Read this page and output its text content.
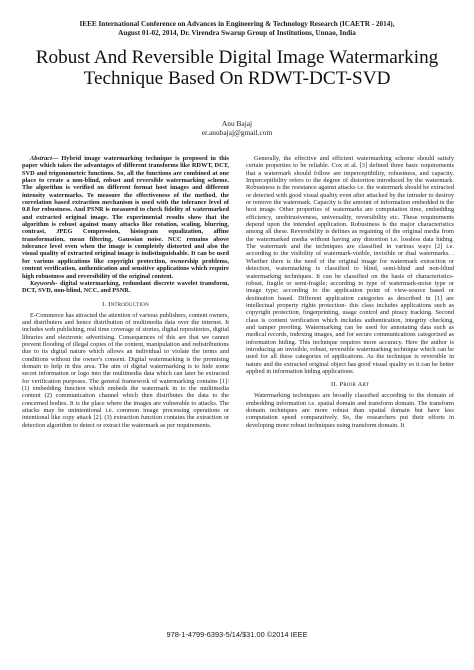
IEEE International Conference on Advances in Engineering & Technology Research (ICAETR - 2014),
August 01-02, 2014, Dr. Virendra Swarup Group of Institutions, Unnao, India
Robust And Reversible Digital Image Watermarking
Technique Based On RDWT-DCT-SVD
Anu Bajaj
er.anubajaj@gmail.com

Abstract— Hybrid image watermarking technique is proposed in this paper which takes the advantages of different transforms like RDWT, DCT, SVD and trigonometric functions. So, all the functions are combined at one place to create a non-blind, robust and reversible watermarking scheme. The algorithm is verified on different format host images and different intensity watermarks. To measure the effectiveness of the method, the correlation based extraction mechanism is used with the tolerance level of 0.8 for robustness. And PSNR is measured to check fidelity of watermarked and extracted original image. The experimental results show that the algorithm is robust against many attacks like rotation, scaling, blurring, contrast, JPEG Compression, histogram equalization, affine transformation, mean filtering, Gaussian noise. NCC remains above tolerance level even when the image is completely distorted and also the visual quality of extracted original image is indistinguishable. It can be used for various applications like copyright protection, ownership problems, content verification, authentication and sensitive applications which require high robustness and reversibility of the original content.

Keywords- digital watermarking, redundant discrete wavelet transform, DCT, SVD, non-blind, NCC, and PSNR.

I. Introduction

E-Commerce has attracted the attention of various publishers, content owners, and distributers and hence distribution of multimedia data over the internet. It includes web publishing, real time coverage of stories, digital repositories, digital libraries and electronic advertising. Consequences of this are that we cannot prevent flooding of illegal copies of the content, manipulation and redistributions due to its digital nature which allows an individual to violate the terms and conditions without the owner's consent. Digital watermarking is the promising domain to help in this area. The aim of digital watermarking is to hide some secret information or logo into the multimedia data which can later be extracted for verification purposes. The general framework of watermarking contains [1]: (1) embedding function which embeds the watermark in to the multimedia content (2) communication channel which then distributes the data to the concerned bodies. It is the place where the images are vulnerable to attacks. The attacks may be unintentional i.e. common image processing operations or intentional like copy attack [2]. (3) extraction function contains the extraction or detection algorithm to detect or extract the watermark as per requirements.

Generally, the effective and efficient watermarking scheme should satisfy certain properties to be reliable. Cox et al. [3] defined three basic requirements that a watermark should follow are imperceptibility, robustness, and capacity. Imperceptibility refers to the degree of distortion introduced by the watermark. Robustness is the resistance against attacks i.e. the watermark should be extracted or detected with good visual quality even after attacked by the intruder to destroy or remove the watermark. Capacity is the amount of information embedded in the host image. Other properties of watermarks are computation time, embedding efficiency, unobtrusiveness, universality, reversibility etc. These requirements depend upon the intended application. Robustness is the major characteristics among all these. Reversibility is defines as regaining of the original media from the watermarked media without having any distortion i.e. lossless data hiding. The watermark and the techniques are classified in various ways [2] i.e. according to the visibility of watermark-visible, invisible or dual watermarks. . Whether there is the need of the original image for watermark extraction or detection, watermarking is classified to blind, semi-blind and non-blind watermarking techniques. It can be classified on the basis of characteristics-robust, fragile or semi-fragile; according to type of watermark-noise type or image type; according to the application point of view-source based or destination based. Different application categories as described in [1] are intellectual property rights protection- this class includes applications such as copyright protection, fingerprinting, usage control and piracy tracking. Second class is content verification which includes authentication, integrity checking, and tamper proofing. Watermarking can be used for annotating data such as medical records, indexing images, and for secure communications categorized as information hiding. This technique requires more accuracy. Here the author is introducing an invisible, robust, reversible watermarking technique which can be used for all these categories of applications. As the technique is reversible in nature and the extracted original object has good visual quality so it can be better applied in information hiding applications.

II. Prior Art

Watermarking techniques are broadly classified according to the domain of embedding information i.e. spatial domain and transform domain. The transform domain techniques are more robust than spatial domain but have less computation speed comparatively. So, the researchers put their efforts in developing more robust techniques using transform domain. It

978-1-4799-6393-5/14/$31.00 ©2014 IEEE
